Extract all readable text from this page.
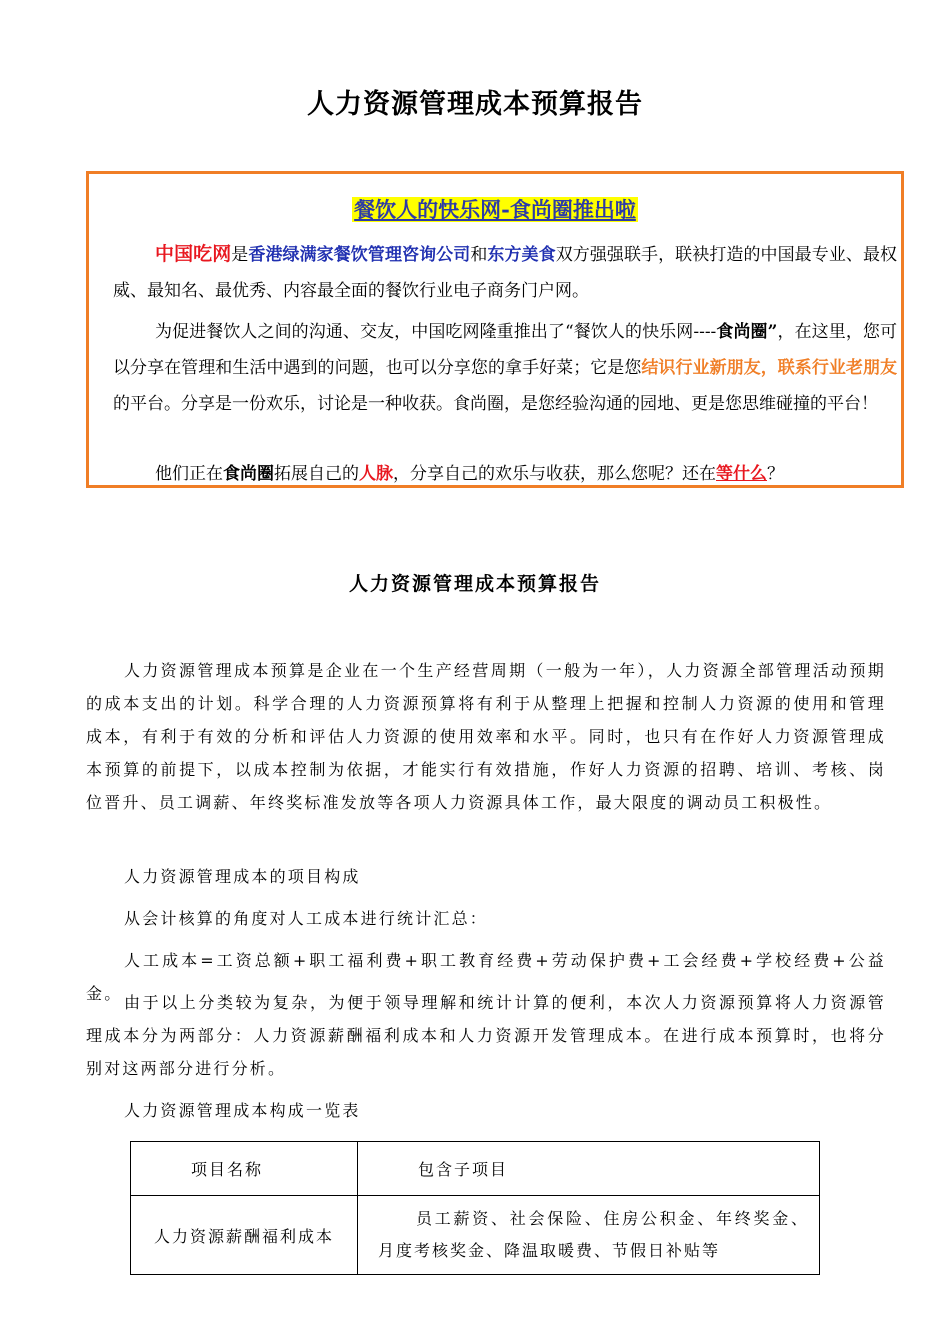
人力资源管理成本预算报告
餐饮人的快乐网-食尚圈推出啦

中国吃网是香港绿满家餐饮管理咨询公司和东方美食双方强强联手，联袂打造的中国最专业、最权威、最知名、最优秀、内容最全面的餐饮行业电子商务门户网。

为促进餐饮人之间的沟通、交友，中国吃网隆重推出了“餐饮人的快乐网----食尚圈”，在这里，您可以分享在管理和生活中遇到的问题，也可以分享您的拿手好菜；它是您结识行业新朋友，联系行业老朋友的平台。分享是一份欢乐，讨论是一种收获。食尚圈，是您经验沟通的园地、更是您思维碰撞的平台！

他们正在食尚圈拓展自己的人脉，分享自己的欢乐与收获，那么您呢？还在等什么？

人力资源管理成本预算报告

人力资源管理成本预算是企业在一个生产经营周期（一般为一年），人力资源全部管理活动预期的成本支出的计划。科学合理的人力资源预算将有利于从整理上把握和控制人力资源的使用和管理成本，有利于有效的分析和评估人力资源的使用效率和水平。同时，也只有在作好人力资源管理成本预算的前提下，以成本控制为依据，才能实行有效措施，作好人力资源的招聘、培训、考核、岗位晋升、员工调薪、年终奖标准发放等各项人力资源具体工作，最大限度的调动员工积极性。

人力资源管理成本的项目构成

从会计核算的角度对人工成本进行统计汇总：

人工成本=工资总额+职工福利费+职工教育经费+劳动保护费+工会经费+学校经费+公益金。 由于以上分类较为复杂，为便于领导理解和统计计算的便利，本次人力资源预算将人力资源管理成本分为两部分：人力资源薪酬福利成本和人力资源开发管理成本。在进行成本预算时，也将分别对这两部分进行分析。

人力资源管理成本构成一览表

项目名称	包含子项目
人力资源薪酬福利成本	员工薪资、社会保险、住房公积金、年终奖金、月度考核奖金、降温取暖费、节假日补贴等
